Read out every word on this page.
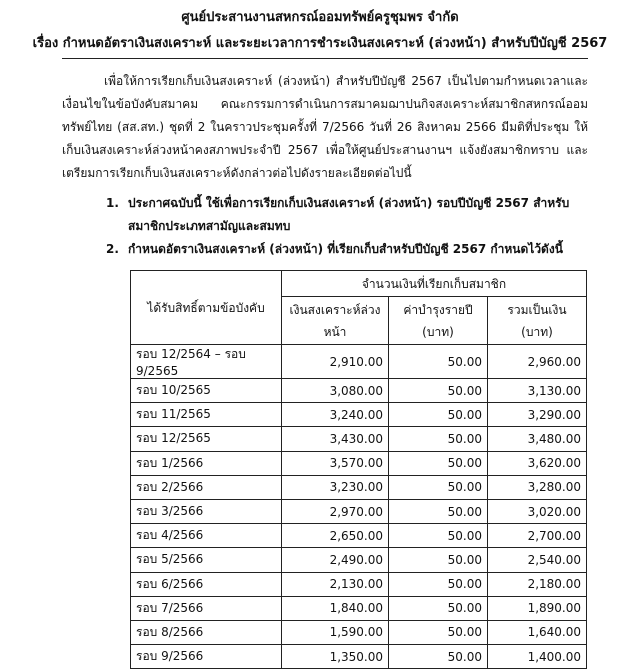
ศูนย์ประสานงานสหกรณ์ออมทรัพย์ครูชุมพร จำกัด
เรื่อง กำหนดอัตราเงินสงเคราะห์ และระยะเวลาการชำระเงินสงเคราะห์ (ล่วงหน้า) สำหรับปีบัญชี 2567
เพื่อให้การเรียกเก็บเงินสงเคราะห์ (ล่วงหน้า) สำหรับปีบัญชี 2567 เป็นไปตามกำหนดเวลาและเงื่อนไขในข้อบังคับสมาคม คณะกรรมการดำเนินการสมาคมฌาปนกิจสงเคราะห์สมาชิกสหกรณ์ออมทรัพย์ไทย (สส.สท.) ชุดที่ 2 ในคราวประชุมครั้งที่ 7/2566 วันที่ 26 สิงหาคม 2566 มีมติที่ประชุม ให้เก็บเงินสงเคราะห์ล่วงหน้าคงสภาพประจำปี 2567 เพื่อให้ศูนย์ประสานงานฯ แจ้งยังสมาชิกทราบ และเตรียมการเรียกเก็บเงินสงเคราะห์ดังกล่าวต่อไปดังรายละเอียดต่อไปนี้
1. ประกาศฉบับนี้ ใช้เพื่อการเรียกเก็บเงินสงเคราะห์ (ล่วงหน้า) รอบปีบัญชี 2567 สำหรับสมาชิกประเภทสามัญและสมทบ
2. กำหนดอัตราเงินสงเคราะห์ (ล่วงหน้า) ที่เรียกเก็บสำหรับปีบัญชี 2567 กำหนดไว้ดังนี้
ได้รับสิทธิ์ตามข้อบังคับ	จำนวนเงินที่เรียกเก็บสมาชิก		
	เงินสงเคราะห์ล่วงหน้า	ค่าบำรุงรายปี (บาท)	รวมเป็นเงิน (บาท)
รอบ 12/2564 – รอบ 9/2565	2,910.00	50.00	2,960.00
รอบ 10/2565	3,080.00	50.00	3,130.00
รอบ 11/2565	3,240.00	50.00	3,290.00
รอบ 12/2565	3,430.00	50.00	3,480.00
รอบ 1/2566	3,570.00	50.00	3,620.00
รอบ 2/2566	3,230.00	50.00	3,280.00
รอบ 3/2566	2,970.00	50.00	3,020.00
รอบ 4/2566	2,650.00	50.00	2,700.00
รอบ 5/2566	2,490.00	50.00	2,540.00
รอบ 6/2566	2,130.00	50.00	2,180.00
รอบ 7/2566	1,840.00	50.00	1,890.00
รอบ 8/2566	1,590.00	50.00	1,640.00
รอบ 9/2566	1,350.00	50.00	1,400.00
